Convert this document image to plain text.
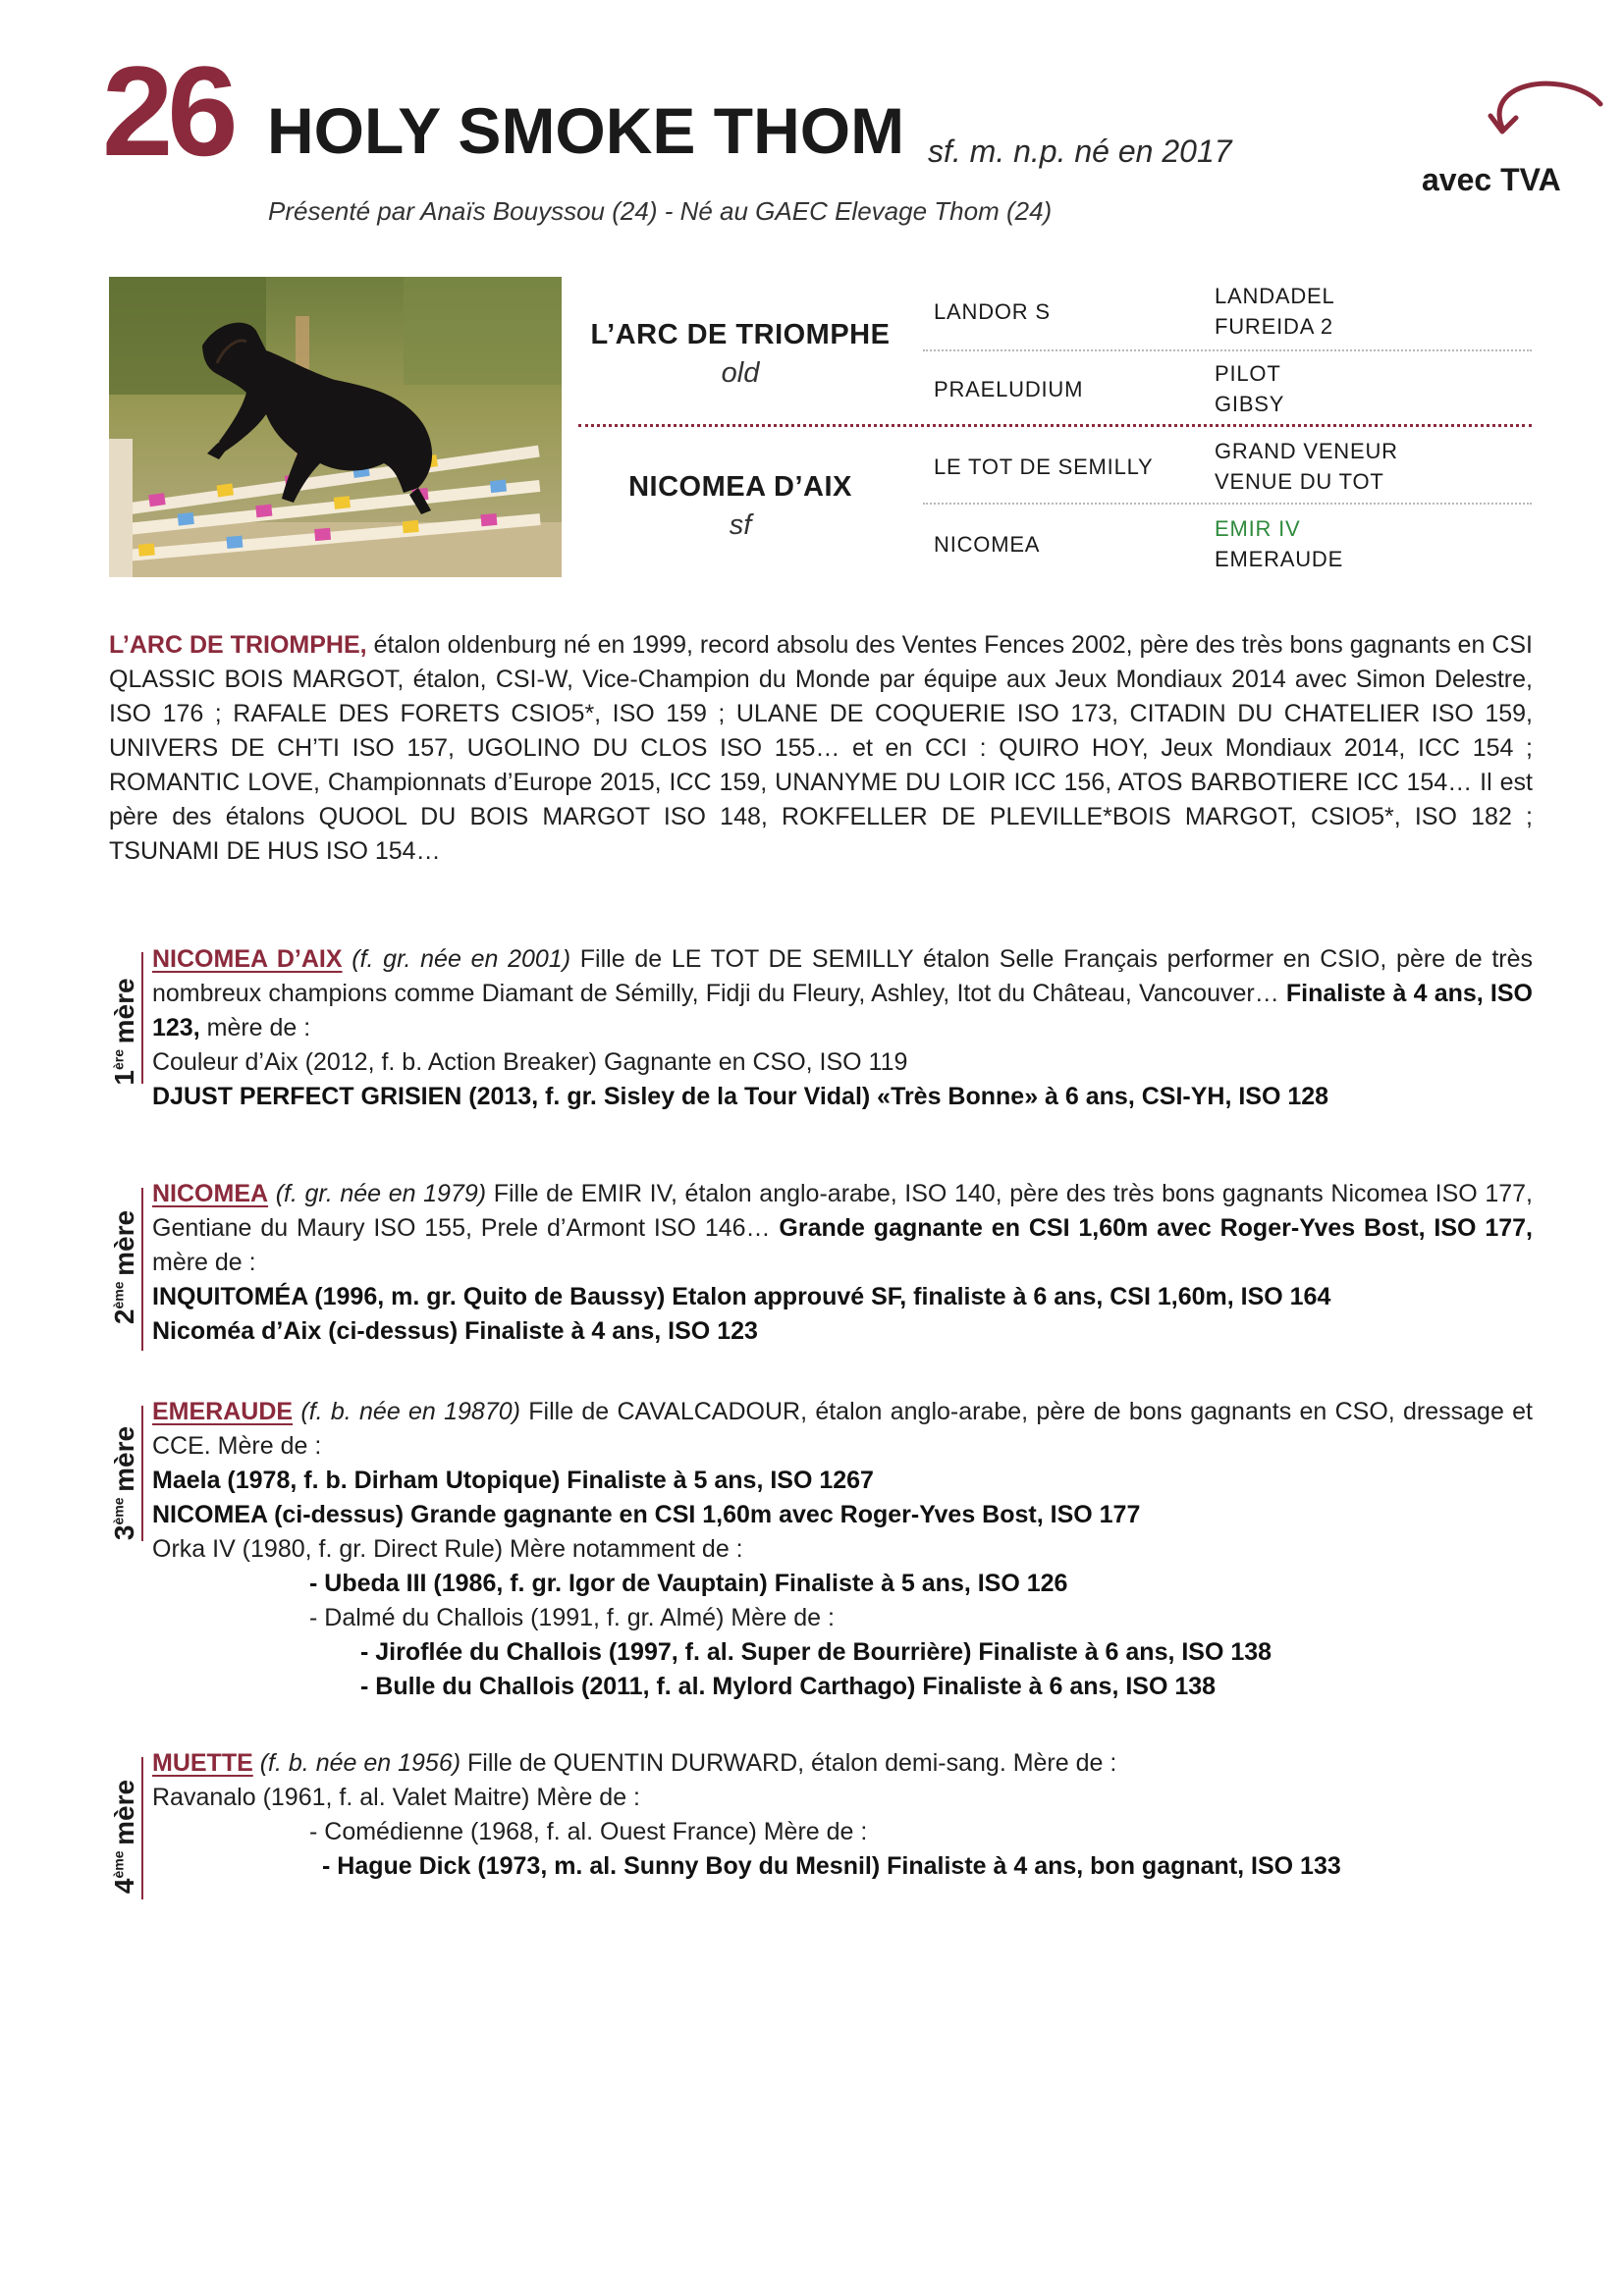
26 HOLY SMOKE THOM sf. m. n.p. né en 2017
Présenté par Anaïs Bouyssou (24) - Né au GAEC Elevage Thom (24)
avec TVA
L’ARC DE TRIOMPHE
old
NICOMEA D’AIX
sf
LANDOR S
PRAELUDIUM
LE TOT DE SEMILLY
NICOMEA
LANDADEL
FUREIDA 2
PILOT
GIBSY
GRAND VENEUR
VENUE DU TOT
EMIR IV
EMERAUDE
L’ARC DE TRIOMPHE, étalon oldenburg né en 1999, record absolu des Ventes Fences 2002, père des très bons gagnants en CSI QLASSIC BOIS MARGOT, étalon, CSI-W, Vice-Champion du Monde par équipe aux Jeux Mondiaux 2014 avec Simon Delestre, ISO 176 ; RAFALE DES FORETS CSIO5*, ISO 159 ; ULANE DE COQUERIE ISO 173, CITADIN DU CHATELIER ISO 159, UNIVERS DE CH’TI ISO 157, UGOLINO DU CLOS ISO 155… et en CCI : QUIRO HOY, Jeux Mondiaux 2014, ICC 154 ; ROMANTIC LOVE, Championnats d’Europe 2015, ICC 159, UNANYME DU LOIR ICC 156, ATOS BARBOTIERE ICC 154… Il est père des étalons QUOOL DU BOIS MARGOT ISO 148, ROKFELLER DE PLEVILLE*BOIS MARGOT, CSIO5*, ISO 182 ; TSUNAMI DE HUS ISO 154…
1ère mère
NICOMEA D’AIX (f. gr. née en 2001) Fille de LE TOT DE SEMILLY étalon Selle Français performer en CSIO, père de très nombreux champions comme Diamant de Sémilly, Fidji du Fleury, Ashley, Itot du Château, Vancouver… Finaliste à 4 ans, ISO 123, mère de :
Couleur d’Aix (2012, f. b. Action Breaker) Gagnante en CSO, ISO 119
DJUST PERFECT GRISIEN (2013, f. gr. Sisley de la Tour Vidal) «Très Bonne» à 6 ans, CSI-YH, ISO 128
2ème mère
NICOMEA (f. gr. née en 1979) Fille de EMIR IV, étalon anglo-arabe, ISO 140, père des très bons gagnants Nicomea ISO 177, Gentiane du Maury ISO 155, Prele d’Armont ISO 146… Grande gagnante en CSI 1,60m avec Roger-Yves Bost, ISO 177, mère de :
INQUITOMÉA (1996, m. gr. Quito de Baussy) Etalon approuvé SF, finaliste à 6 ans, CSI 1,60m, ISO 164
Nicoméa d’Aix (ci-dessus) Finaliste à 4 ans, ISO 123
3ème mère
EMERAUDE (f. b. née en 19870) Fille de CAVALCADOUR, étalon anglo-arabe, père de bons gagnants en CSO, dressage et CCE. Mère de :
Maela (1978, f. b. Dirham Utopique) Finaliste à 5 ans, ISO 1267
NICOMEA (ci-dessus) Grande gagnante en CSI 1,60m avec Roger-Yves Bost, ISO 177
Orka IV (1980, f. gr. Direct Rule) Mère notamment de :
- Ubeda III (1986, f. gr. Igor de Vauptain) Finaliste à 5 ans, ISO 126
- Dalmé du Challois (1991, f. gr. Almé) Mère de :
- Jiroflée du Challois (1997, f. al. Super de Bourrière) Finaliste à 6 ans, ISO 138
- Bulle du Challois (2011, f. al. Mylord Carthago) Finaliste à 6 ans, ISO 138
4ème mère
MUETTE (f. b. née en 1956) Fille de QUENTIN DURWARD, étalon demi-sang. Mère de :
Ravanalo (1961, f. al. Valet Maitre) Mère de :
- Comédienne (1968, f. al. Ouest France) Mère de :
- Hague Dick (1973, m. al. Sunny Boy du Mesnil) Finaliste à 4 ans, bon gagnant, ISO 133
